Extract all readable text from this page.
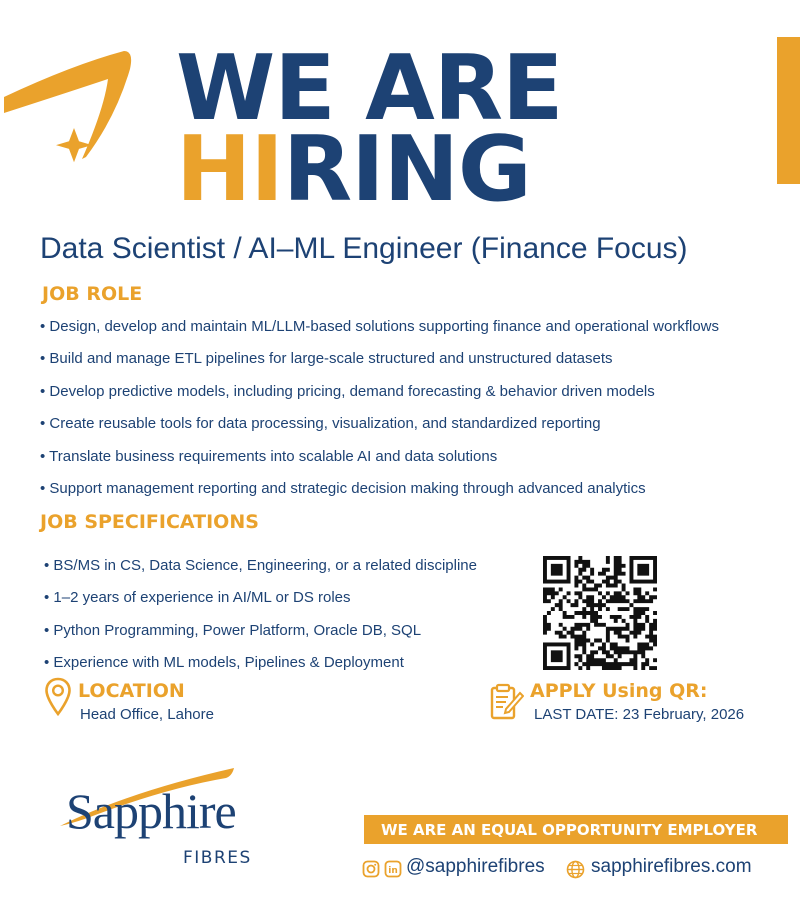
WE ARE
HIRING
Data Scientist / AI–ML Engineer (Finance Focus)
JOB ROLE
• Design, develop and maintain ML/LLM-based solutions supporting finance and operational workflows
• Build and manage ETL pipelines for large-scale structured and unstructured datasets
• Develop predictive models, including pricing, demand forecasting & behavior driven models
• Create reusable tools for data processing, visualization, and standardized reporting
• Translate business requirements into scalable AI and data solutions
• Support management reporting and strategic decision making through advanced analytics
JOB SPECIFICATIONS
• BS/MS in CS, Data Science, Engineering, or a related discipline
• 1–2 years of experience in AI/ML or DS roles
• Python Programming, Power Platform, Oracle DB, SQL
• Experience with ML models, Pipelines & Deployment
LOCATION
Head Office, Lahore
APPLY Using QR:
LAST DATE: 23 February, 2026
Sapphire
FIBRES
WE ARE AN EQUAL OPPORTUNITY EMPLOYER
in @sapphirefibres sapphirefibres.com
